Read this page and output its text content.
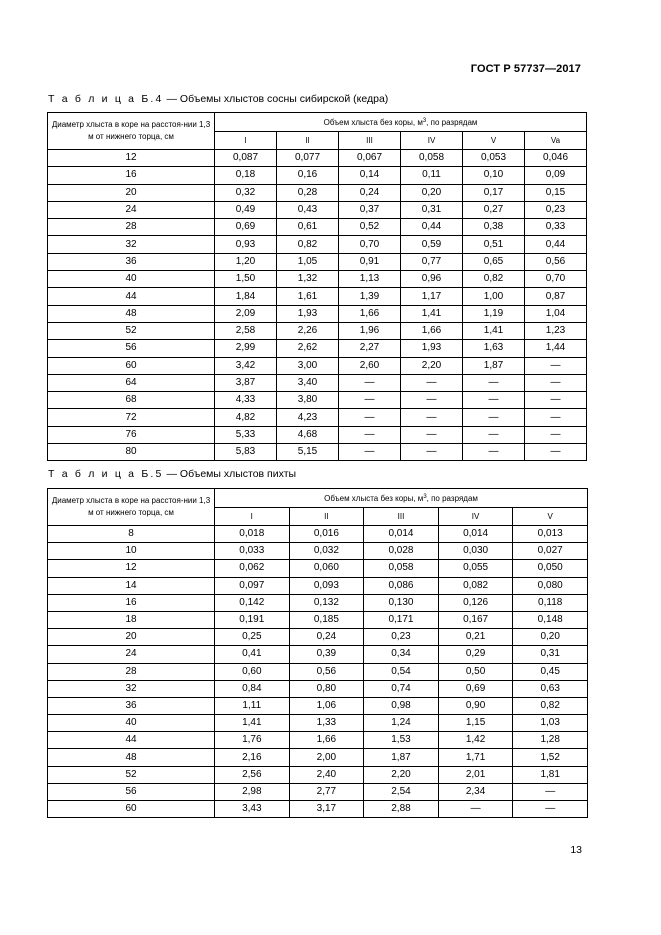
ГОСТ Р 57737—2017
Т а б л и ц а Б.4 — Объемы хлыстов сосны сибирской (кедра)
Диаметр хлыста в коре на расстоя-нии 1,3 м от нижнего торца, см	Объем хлыста без коры, $м^3$, по разрядам					
	I	II	III	IV	V	Va
12	0,087	0,077	0,067	0,058	0,053	0,046
16	0,18	0,16	0,14	0,11	0,10	0,09
20	0,32	0,28	0,24	0,20	0,17	0,15
24	0,49	0,43	0,37	0,31	0,27	0,23
28	0,69	0,61	0,52	0,44	0,38	0,33
32	0,93	0,82	0,70	0,59	0,51	0,44
36	1,20	1,05	0,91	0,77	0,65	0,56
40	1,50	1,32	1,13	0,96	0,82	0,70
44	1,84	1,61	1,39	1,17	1,00	0,87
48	2,09	1,93	1,66	1,41	1,19	1,04
52	2,58	2,26	1,96	1,66	1,41	1,23
56	2,99	2,62	2,27	1,93	1,63	1,44
60	3,42	3,00	2,60	2,20	1,87	—
64	3,87	3,40	—	—	—	—
68	4,33	3,80	—	—	—	—
72	4,82	4,23	—	—	—	—
76	5,33	4,68	—	—	—	—
80	5,83	5,15	—	—	—	—
Т а б л и ц а Б.5 — Объемы хлыстов пихты
Диаметр хлыста в коре на расстоя-нии 1,3 м от нижнего торца, см	Объем хлыста без коры, $м^3$, по разрядам				
	I	II	III	IV	V
8	0,018	0,016	0,014	0,014	0,013
10	0,033	0,032	0,028	0,030	0,027
12	0,062	0,060	0,058	0,055	0,050
14	0,097	0,093	0,086	0,082	0,080
16	0,142	0,132	0,130	0,126	0,118
18	0,191	0,185	0,171	0,167	0,148
20	0,25	0,24	0,23	0,21	0,20
24	0,41	0,39	0,34	0,29	0,31
28	0,60	0,56	0,54	0,50	0,45
32	0,84	0,80	0,74	0,69	0,63
36	1,11	1,06	0,98	0,90	0,82
40	1,41	1,33	1,24	1,15	1,03
44	1,76	1,66	1,53	1,42	1,28
48	2,16	2,00	1,87	1,71	1,52
52	2,56	2,40	2,20	2,01	1,81
56	2,98	2,77	2,54	2,34	—
60	3,43	3,17	2,88	—	—
13
